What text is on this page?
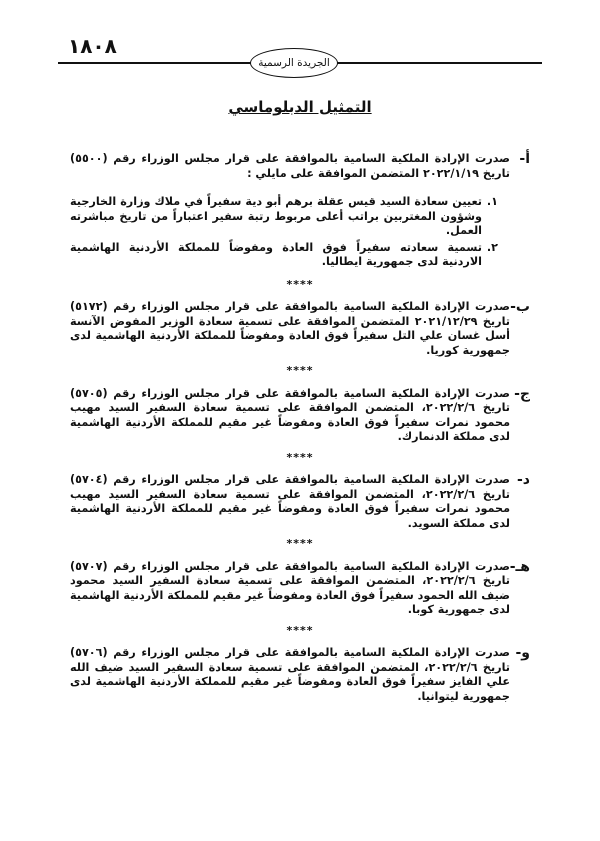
١٨٠٨
الجريدة الرسمية
التمثيل الدبلوماسي
أ-
صدرت الإرادة الملكية السامية بالموافقة على قرار مجلس الوزراء رقم (٥٥٠٠) تاريخ ٢٠٢٢/١/١٩ المتضمن الموافقة على مايلي :
١.
تعيين سعادة السيد قيس عقلة برهم أبو دية سفيراً في ملاك وزارة الخارجية وشؤون المغتربين براتب أعلى مربوط رتبة سفير اعتباراً من تاريخ مباشرته العمل.
٢.
تسمية سعادته سفيراً فوق العادة ومفوضاً للمملكة الأردنية الهاشمية الاردنية لدى جمهورية ايطاليا.
****
ب-
صدرت الإرادة الملكية السامية بالموافقة على قرار مجلس الوزراء رقم (٥١٧٢) تاريخ ٢٠٢١/١٢/٢٩ المتضمن الموافقة على تسمية سعادة الوزير المفوض الآنسة أسل غسان علي التل سفيراً فوق العادة ومفوضاً للمملكة الأردنية الهاشمية لدى جمهورية كوريا.
****
ج-
صدرت الإرادة الملكية السامية بالموافقة على قرار مجلس الوزراء رقم (٥٧٠٥) تاريخ ٢٠٢٢/٢/٦، المتضمن الموافقة على تسمية سعادة السفير السيد مهيب محمود نمرات سفيراً فوق العادة ومفوضاً غير مقيم للمملكة الأردنية الهاشمية لدى مملكة الدنمارك.
****
د-
صدرت الإرادة الملكية السامية بالموافقة على قرار مجلس الوزراء رقم (٥٧٠٤) تاريخ ٢٠٢٢/٢/٦، المتضمن الموافقة على تسمية سعادة السفير السيد مهيب محمود نمرات سفيراً فوق العادة ومفوضاً غير مقيم للمملكة الأردنية الهاشمية لدى مملكة السويد.
****
هـ-
صدرت الإرادة الملكية السامية بالموافقة على قرار مجلس الوزراء رقم (٥٧٠٧) تاريخ ٢٠٢٢/٢/٦، المتضمن الموافقة على تسمية سعادة السفير السيد محمود ضيف الله الحمود سفيراً فوق العادة ومفوضاً غير مقيم للمملكة الأردنية الهاشمية لدى جمهورية كوبا.
****
و-
صدرت الإرادة الملكية السامية بالموافقة على قرار مجلس الوزراء رقم (٥٧٠٦) تاريخ ٢٠٢٢/٢/٦، المتضمن الموافقة على تسمية سعادة السفير السيد ضيف الله علي الفايز سفيراً فوق العادة ومفوضاً غير مقيم للمملكة الأردنية الهاشمية لدى جمهورية ليتوانيا.
